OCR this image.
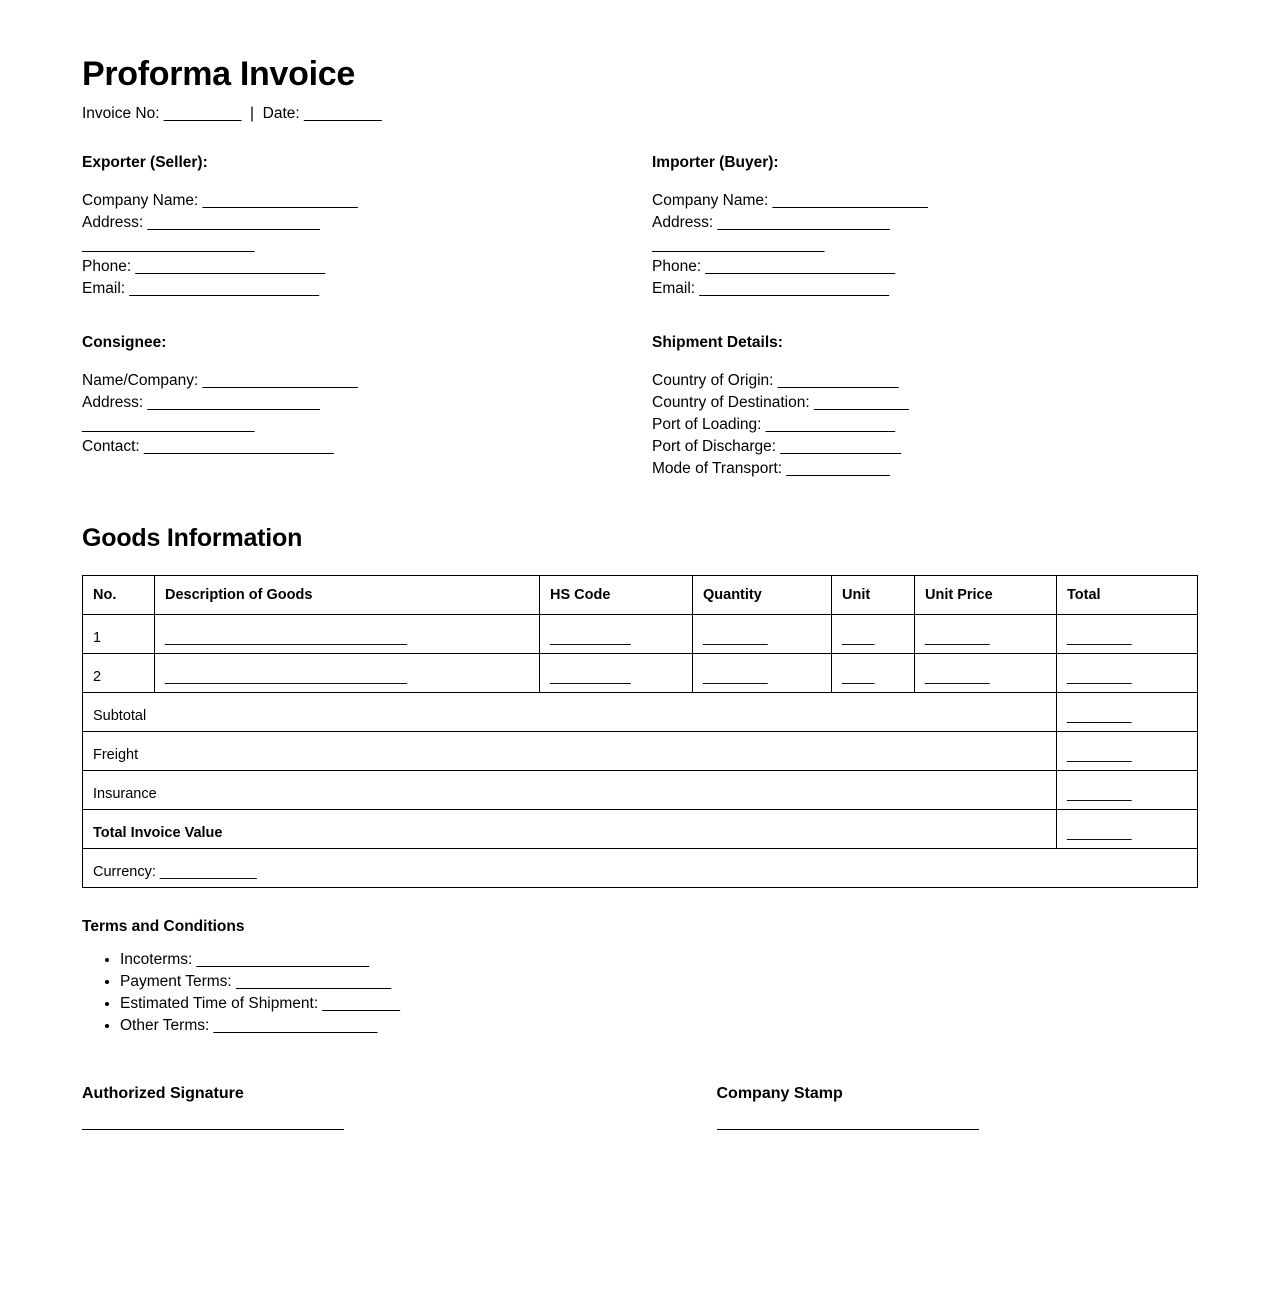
Proforma Invoice
Invoice No: _________  |  Date: _________
Exporter (Seller):
Company Name: __________________
Address: ____________________
____________________
Phone: ______________________
Email: ______________________
Importer (Buyer):
Company Name: __________________
Address: ____________________
____________________
Phone: ______________________
Email: ______________________
Consignee:
Name/Company: __________________
Address: ____________________
____________________
Contact: ______________________
Shipment Details:
Country of Origin: ______________
Country of Destination: ___________
Port of Loading: _______________
Port of Discharge: ______________
Mode of Transport: ____________
Goods Information
No.	Description of Goods	HS Code	Quantity	Unit	Unit Price	Total
1	______________________________	__________	________	____	________	________
2	______________________________	__________	________	____	________	________
Subtotal						________
Freight						________
Insurance						________
Total Invoice Value						________
Currency: ____________						
Terms and Conditions
• Incoterms: ____________________
• Payment Terms: __________________
• Estimated Time of Shipment: _________
• Other Terms: ___________________
Authorized Signature	Company Stamp
